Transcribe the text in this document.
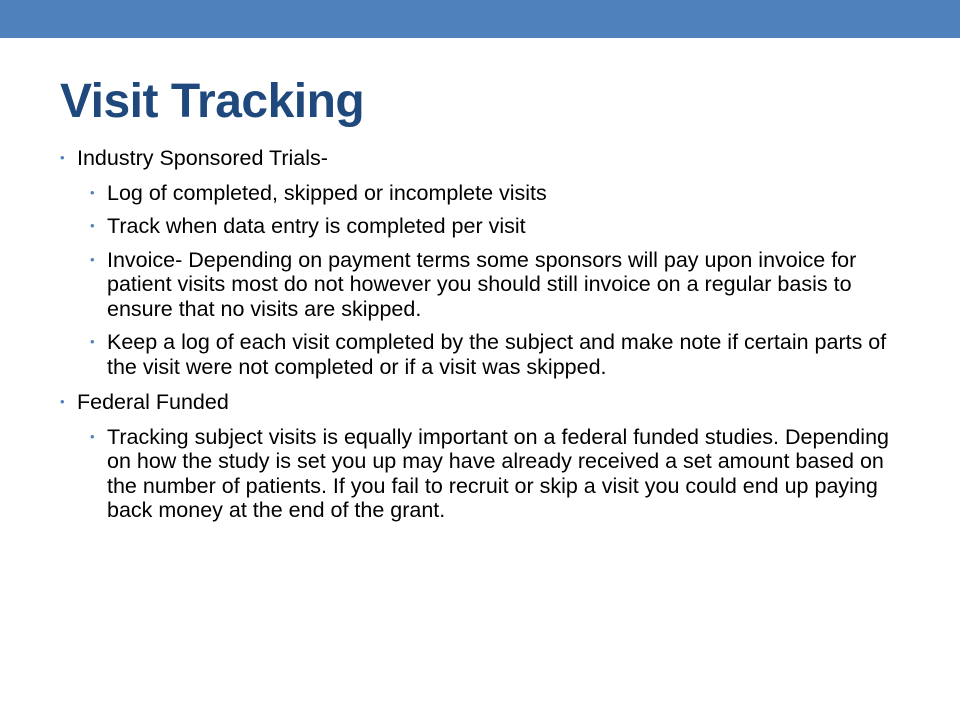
Visit Tracking
• Industry Sponsored Trials-
• Log of completed, skipped or incomplete visits
• Track when data entry is completed per visit
• Invoice- Depending on payment terms some sponsors will pay upon invoice for patient visits most do not however you should still invoice on a regular basis to ensure that no visits are skipped.
• Keep a log of each visit completed by the subject and make note if certain parts of the visit were not completed or if a visit was skipped.
• Federal Funded
• Tracking subject visits is equally important on a federal funded studies. Depending on how the study is set you up may have already received a set amount based on the number of patients. If you fail to recruit or skip a visit you could end up paying back money at the end of the grant.
